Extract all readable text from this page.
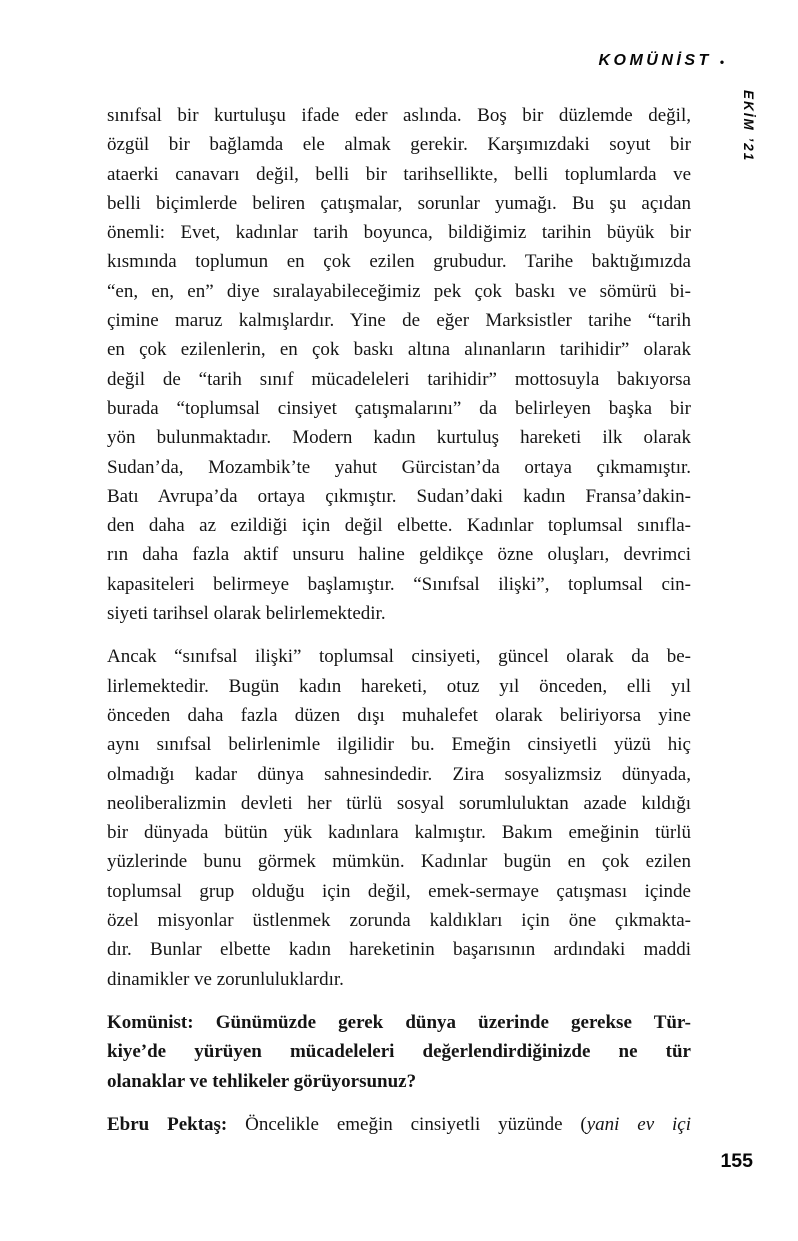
KOMÜNİST •
EKİM ’21
sınıfsal bir kurtuluşu ifade eder aslında. Boş bir düzlemde değil,
özgül bir bağlamda ele almak gerekir. Karşımızdaki soyut bir
ataerki canavarı değil, belli bir tarihsellikte, belli toplumlarda ve
belli biçimlerde beliren çatışmalar, sorunlar yumağı. Bu şu açıdan
önemli: Evet, kadınlar tarih boyunca, bildiğimiz tarihin büyük bir
kısmında toplumun en çok ezilen grubudur. Tarihe baktığımızda
“en, en, en” diye sıralayabileceğimiz pek çok baskı ve sömürü bi-
çimine maruz kalmışlardır. Yine de eğer Marksistler tarihe “tarih
en çok ezilenlerin, en çok baskı altına alınanların tarihidir” olarak
değil de “tarih sınıf mücadeleleri tarihidir” mottosuyla bakıyorsa
burada “toplumsal cinsiyet çatışmalarını” da belirleyen başka bir
yön bulunmaktadır. Modern kadın kurtuluş hareketi ilk olarak
Sudan’da, Mozambik’te yahut Gürcistan’da ortaya çıkmamıştır.
Batı Avrupa’da ortaya çıkmıştır. Sudan’daki kadın Fransa’dakin-
den daha az ezildiği için değil elbette. Kadınlar toplumsal sınıfla-
rın daha fazla aktif unsuru haline geldikçe özne oluşları, devrimci
kapasiteleri belirmeye başlamıştır. “Sınıfsal ilişki”, toplumsal cin-
siyeti tarihsel olarak belirlemektedir.
Ancak “sınıfsal ilişki” toplumsal cinsiyeti, güncel olarak da be-
lirlemektedir. Bugün kadın hareketi, otuz yıl önceden, elli yıl
önceden daha fazla düzen dışı muhalefet olarak beliriyorsa yine
aynı sınıfsal belirlenimle ilgilidir bu. Emeğin cinsiyetli yüzü hiç
olmadığı kadar dünya sahnesindedir. Zira sosyalizmsiz dünyada,
neoliberalizmin devleti her türlü sosyal sorumluluktan azade kıldığı
bir dünyada bütün yük kadınlara kalmıştır. Bakım emeğinin türlü
yüzlerinde bunu görmek mümkün. Kadınlar bugün en çok ezilen
toplumsal grup olduğu için değil, emek-sermaye çatışması içinde
özel misyonlar üstlenmek zorunda kaldıkları için öne çıkmakta-
dır. Bunlar elbette kadın hareketinin başarısının ardındaki maddi
dinamikler ve zorunluluklardır.
Komünist: Günümüzde gerek dünya üzerinde gerekse Tür-
kiye’de yürüyen mücadeleleri değerlendirdiğinizde ne tür
olanaklar ve tehlikeler görüyorsunuz?
Ebru Pektaş: Öncelikle emeğin cinsiyetli yüzünde (yani ev içi
155
